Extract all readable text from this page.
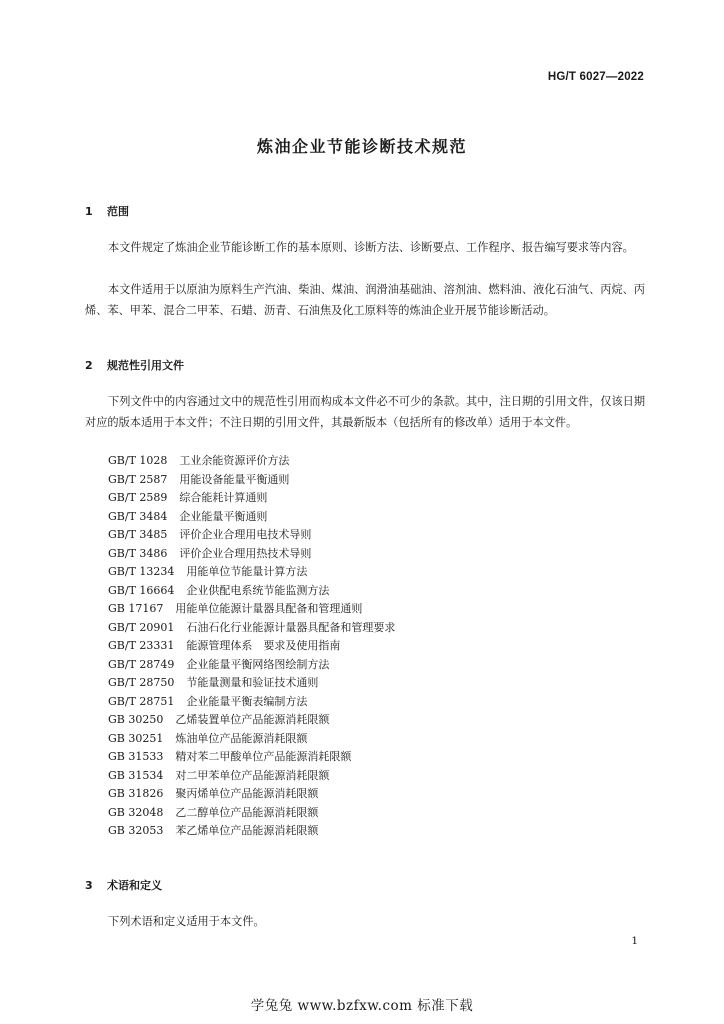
HG/T 6027—2022
炼油企业节能诊断技术规范
1 范围

本文件规定了炼油企业节能诊断工作的基本原则、诊断方法、诊断要点、工作程序、报告编写要求等内容。

本文件适用于以原油为原料生产汽油、柴油、煤油、润滑油基础油、溶剂油、燃料油、液化石油气、丙烷、丙烯、苯、甲苯、混合二甲苯、石蜡、沥青、石油焦及化工原料等的炼油企业开展节能诊断活动。

2 规范性引用文件

下列文件中的内容通过文中的规范性引用而构成本文件必不可少的条款。其中，注日期的引用文件，仅该日期对应的版本适用于本文件；不注日期的引用文件，其最新版本（包括所有的修改单）适用于本文件。

GB/T 1028 工业余能资源评价方法
GB/T 2587 用能设备能量平衡通则
GB/T 2589 综合能耗计算通则
GB/T 3484 企业能量平衡通则
GB/T 3485 评价企业合理用电技术导则
GB/T 3486 评价企业合理用热技术导则
GB/T 13234 用能单位节能量计算方法
GB/T 16664 企业供配电系统节能监测方法
GB 17167 用能单位能源计量器具配备和管理通则
GB/T 20901 石油石化行业能源计量器具配备和管理要求
GB/T 23331 能源管理体系　要求及使用指南
GB/T 28749 企业能量平衡网络图绘制方法
GB/T 28750 节能量测量和验证技术通则
GB/T 28751 企业能量平衡表编制方法
GB 30250 乙烯装置单位产品能源消耗限额
GB 30251 炼油单位产品能源消耗限额
GB 31533 精对苯二甲酸单位产品能源消耗限额
GB 31534 对二甲苯单位产品能源消耗限额
GB 31826 聚丙烯单位产品能源消耗限额
GB 32048 乙二醇单位产品能源消耗限额
GB 32053 苯乙烯单位产品能源消耗限额
3 术语和定义

下列术语和定义适用于本文件。

1
学兔兔 www.bzfxw.com 标准下载
